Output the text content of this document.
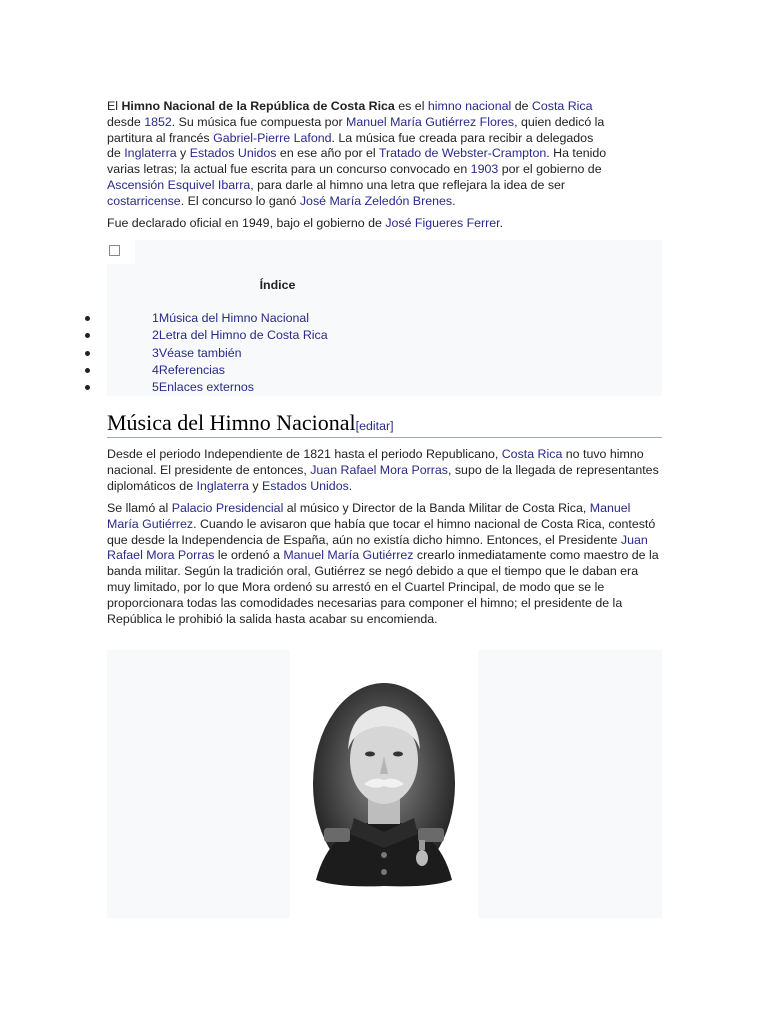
El Himno Nacional de la República de Costa Rica es el himno nacional de Costa Rica desde 1852. Su música fue compuesta por Manuel María Gutiérrez Flores, quien dedicó la partitura al francés Gabriel-Pierre Lafond. La música fue creada para recibir a delegados de Inglaterra y Estados Unidos en ese año por el Tratado de Webster-Crampton. Ha tenido varias letras; la actual fue escrita para un concurso convocado en 1903 por el gobierno de Ascensión Esquivel Ibarra, para darle al himno una letra que reflejara la idea de ser costarricense. El concurso lo ganó José María Zeledón Brenes.

Fue declarado oficial en 1949, bajo el gobierno de José Figueres Ferrer.

Índice
1Música del Himno Nacional
2Letra del Himno de Costa Rica
3Véase también
4Referencias
5Enlaces externos
Música del Himno Nacional[editar]

Desde el periodo Independiente de 1821 hasta el periodo Republicano, Costa Rica no tuvo himno nacional. El presidente de entonces, Juan Rafael Mora Porras, supo de la llegada de representantes diplomáticos de Inglaterra y Estados Unidos.

Se llamó al Palacio Presidencial al músico y Director de la Banda Militar de Costa Rica, Manuel María Gutiérrez. Cuando le avisaron que había que tocar el himno nacional de Costa Rica, contestó que desde la Independencia de España, aún no existía dicho himno. Entonces, el Presidente Juan Rafael Mora Porras le ordenó a Manuel María Gutiérrez crearlo inmediatamente como maestro de la banda militar. Según la tradición oral, Gutiérrez se negó debido a que el tiempo que le daban era muy limitado, por lo que Mora ordenó su arrestó en el Cuartel Principal, de modo que se le proporcionara todas las comodidades necesarias para componer el himno; el presidente de la República le prohibió la salida hasta acabar su encomienda.
